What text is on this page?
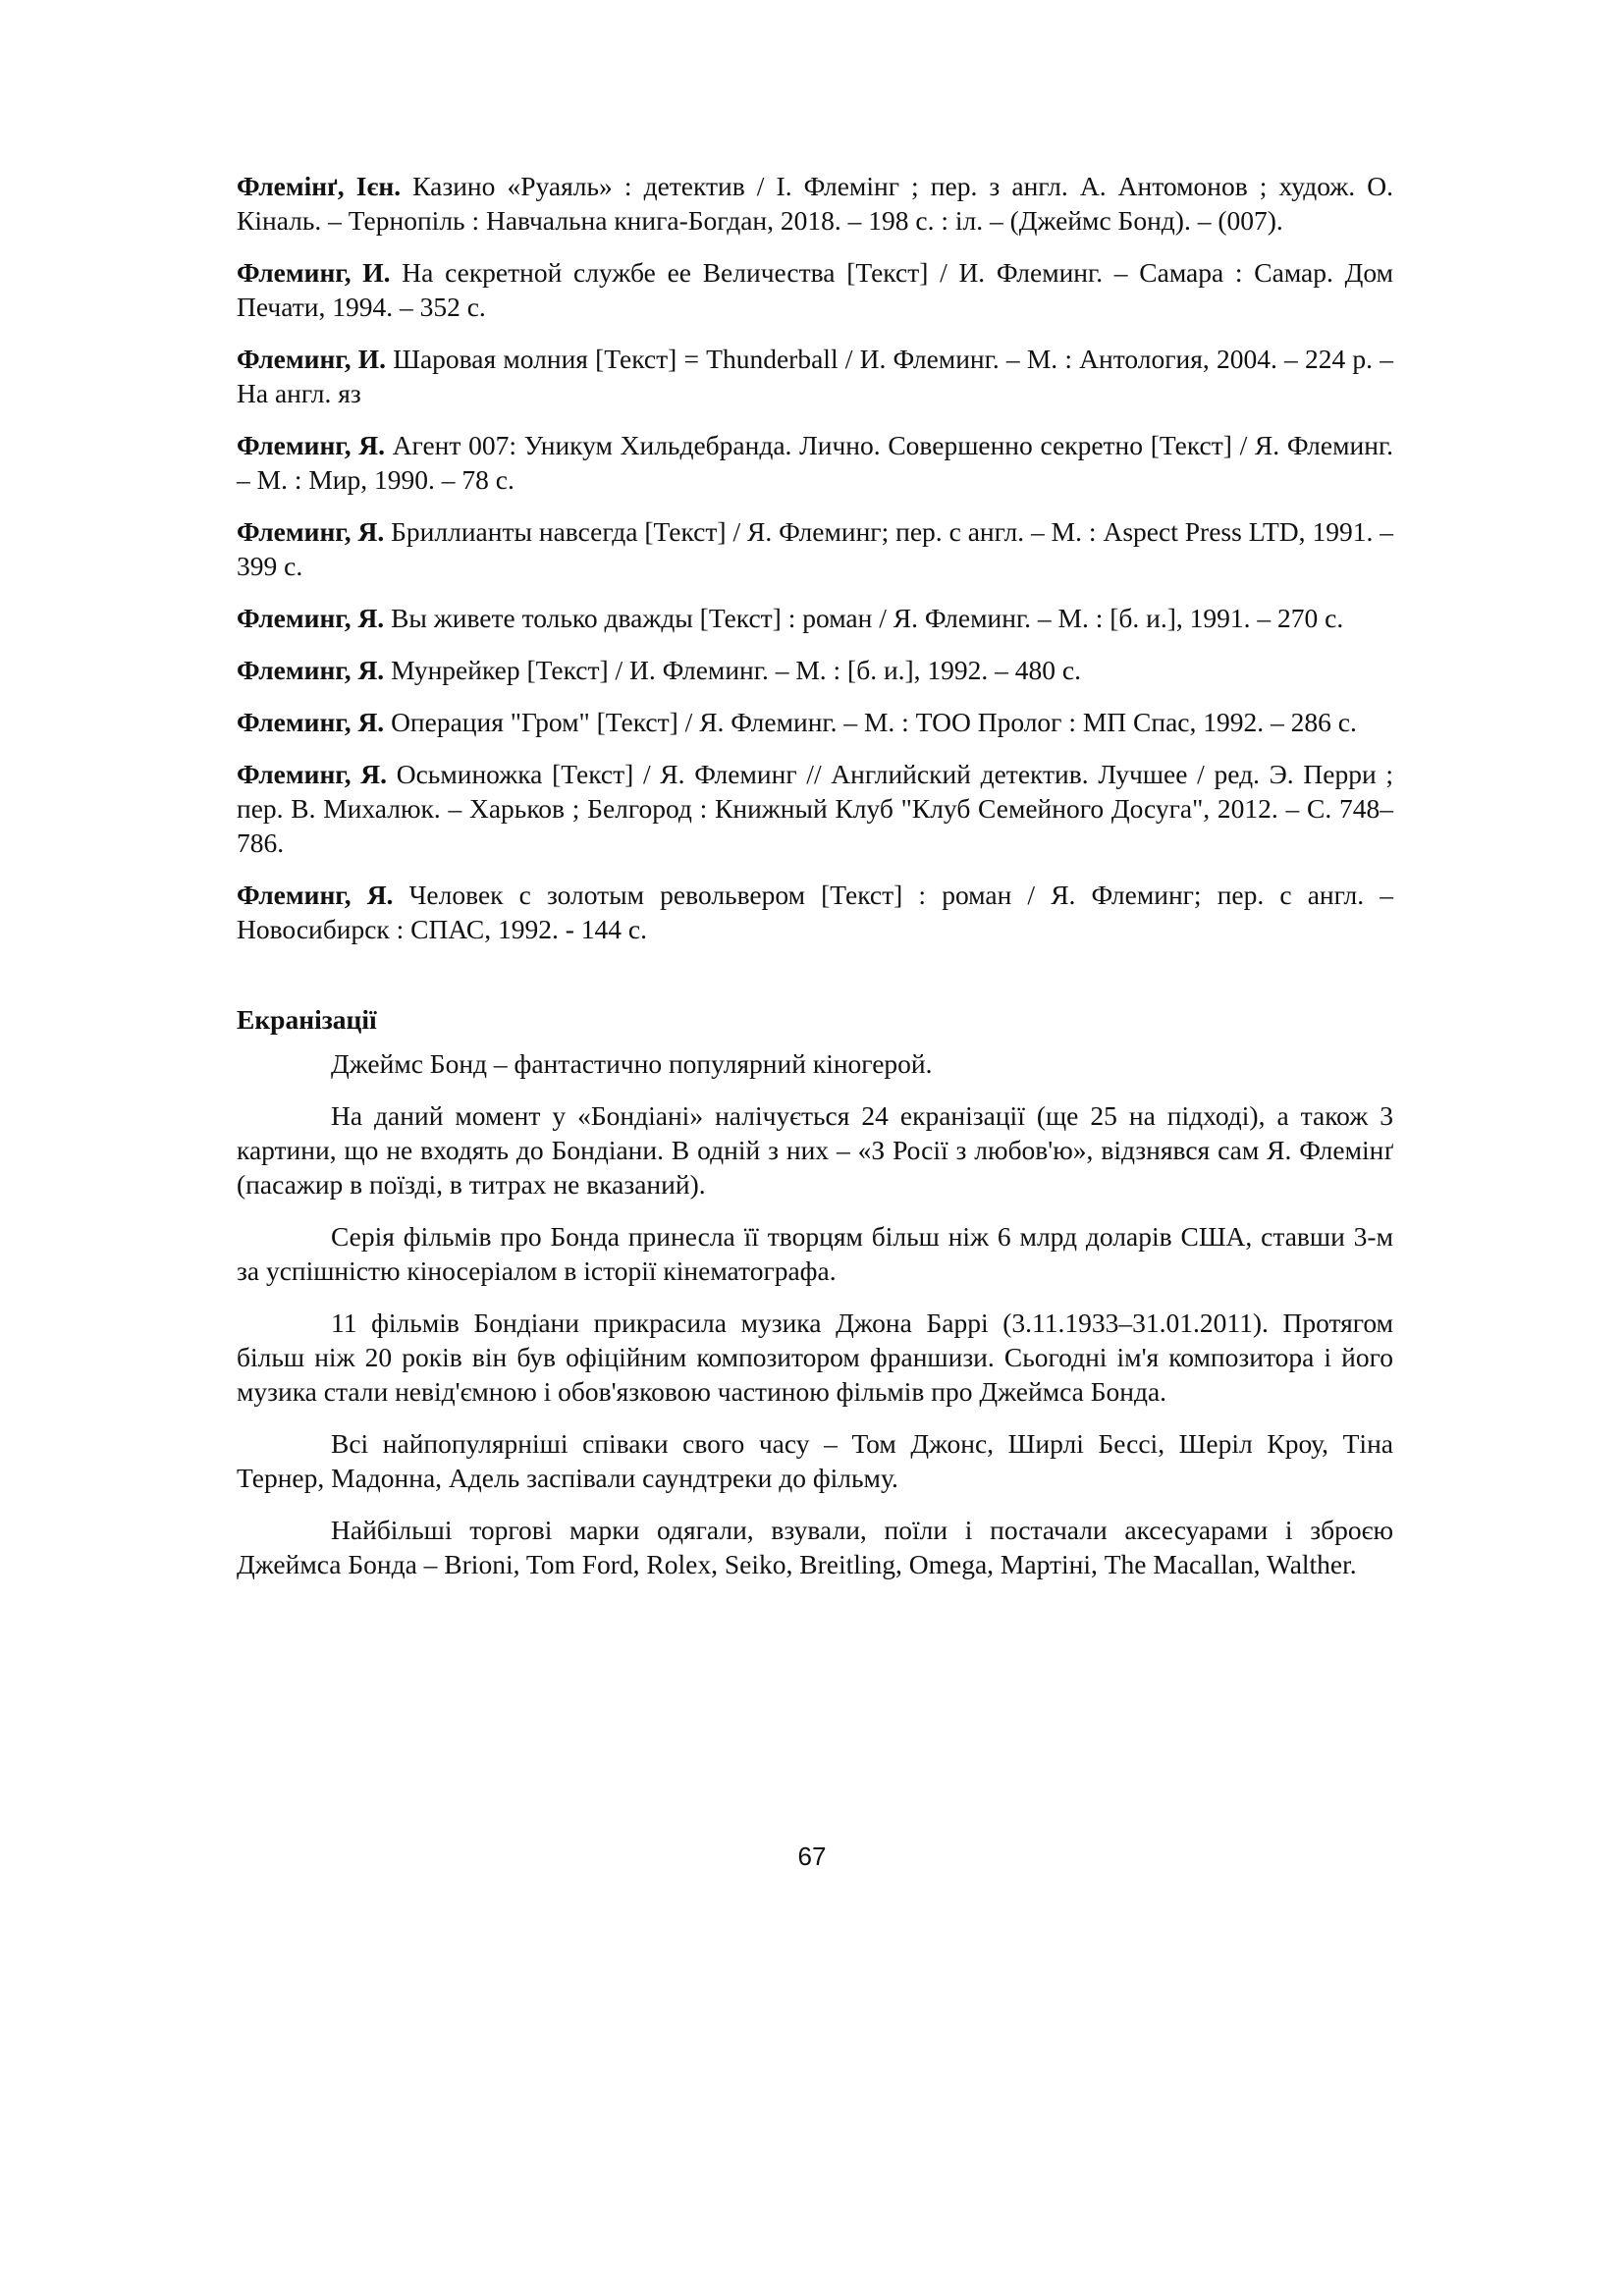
Флемінґ, Ієн. Казино «Руаяль» : детектив / І. Флемінг ; пер. з англ. А. Антомонов ; худож. О. Кіналь. – Тернопіль : Навчальна книга-Богдан, 2018. – 198 с. : іл. – (Джеймс Бонд). – (007).
Флеминг, И. На секретной службе ее Величества [Текст] / И. Флеминг. – Самара : Самар. Дом Печати, 1994. – 352 с.
Флеминг, И. Шаровая молния [Текст] = Thunderball / И. Флеминг. – М. : Антология, 2004. – 224 р. – На англ. яз
Флеминг, Я. Агент 007: Уникум Хильдебранда. Лично. Совершенно секретно [Текст] / Я. Флеминг. – М. : Мир, 1990. – 78 с.
Флеминг, Я. Бриллианты навсегда [Текст] / Я. Флеминг; пер. с англ. – М. : Aspect Press LTD, 1991. – 399 с.
Флеминг, Я. Вы живете только дважды [Текст] : роман / Я. Флеминг. – М. : [б. и.], 1991. – 270 с.
Флеминг, Я. Мунрейкер [Текст] / И. Флеминг. – М. : [б. и.], 1992. – 480 с.
Флеминг, Я. Операция "Гром" [Текст] / Я. Флеминг. – М. : ТОО Пролог : МП Спас, 1992. – 286 с.
Флеминг, Я. Осьминожка [Текст] / Я. Флеминг // Английский детектив. Лучшее / ред. Э. Перри ; пер. В. Михалюк. – Харьков ; Белгород : Книжный Клуб "Клуб Семейного Досуга", 2012. – С. 748–786.
Флеминг, Я. Человек с золотым револьвером [Текст] : роман / Я. Флеминг; пер. с англ. – Новосибирск : СПАС, 1992. - 144 с.
Екранізації

Джеймс Бонд – фантастично популярний кіногерой.

На даний момент у «Бондіані» налічується 24 екранізації (ще 25 на підході), а також 3 картини, що не входять до Бондіани. В одній з них – «З Росії з любов'ю», відзнявся сам Я. Флемінґ (пасажир в поїзді, в титрах не вказаний).

Серія фільмів про Бонда принесла її творцям більш ніж 6 млрд доларів США, ставши 3-м за успішністю кіносеріалом в історії кінематографа.

11 фільмів Бондіани прикрасила музика Джона Баррі (3.11.1933–31.01.2011). Протягом більш ніж 20 років він був офіційним композитором франшизи. Сьогодні ім'я композитора і його музика стали невід'ємною і обов'язковою частиною фільмів про Джеймса Бонда.

Всі найпопулярніші співаки свого часу – Том Джонс, Ширлі Бессі, Шеріл Кроу, Тіна Тернер, Мадонна, Адель заспівали саундтреки до фільму.

Найбільші торгові марки одягали, взували, поїли і постачали аксесуарами і зброєю Джеймса Бонда – Brioni, Tom Ford, Rolex, Seiko, Breitling, Omega, Мартіні, The Macallan, Walther.

67
